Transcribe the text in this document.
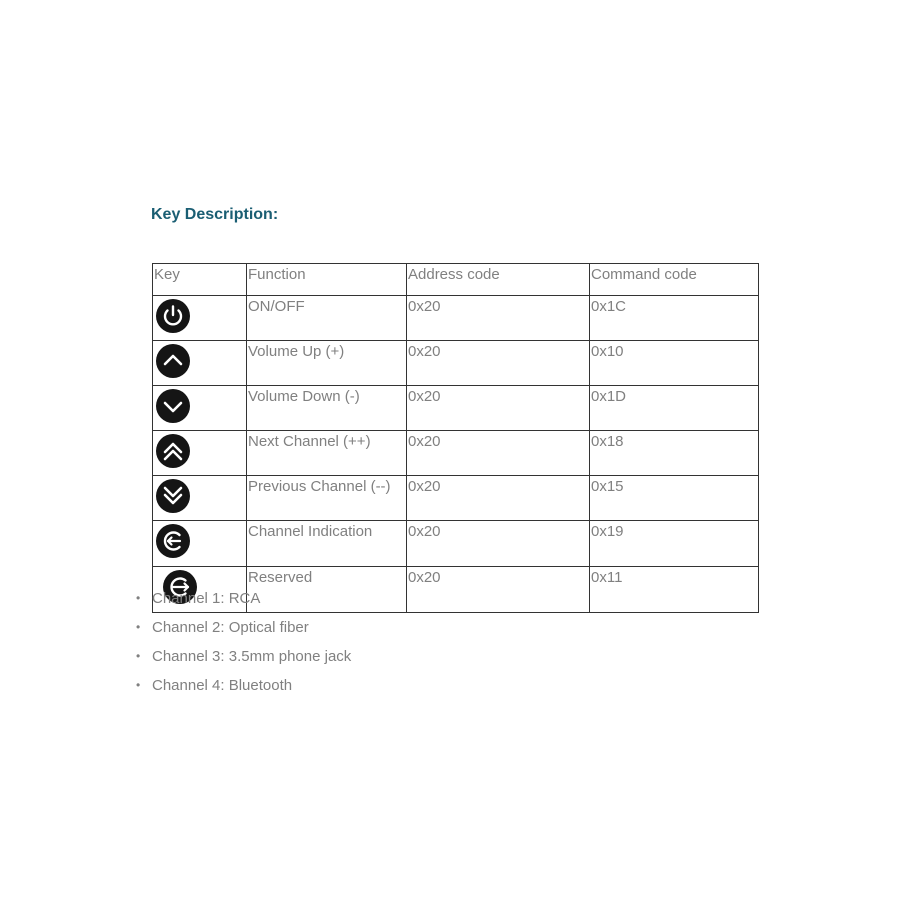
Key Description:
Key	Function	Address code	Command code

	ON/OFF	0x20	0x1C

	Volume Up (+)	0x20	0x10

	Volume Down (-)	0x20	0x1D

	Next Channel (++)	0x20	0x18

	Previous Channel (--)	0x20	0x15

	Channel Indication	0x20	0x19

	Reserved	0x20	0x11
• Channel 1: RCA
• Channel 2: Optical fiber
• Channel 3: 3.5mm phone jack
• Channel 4: Bluetooth
